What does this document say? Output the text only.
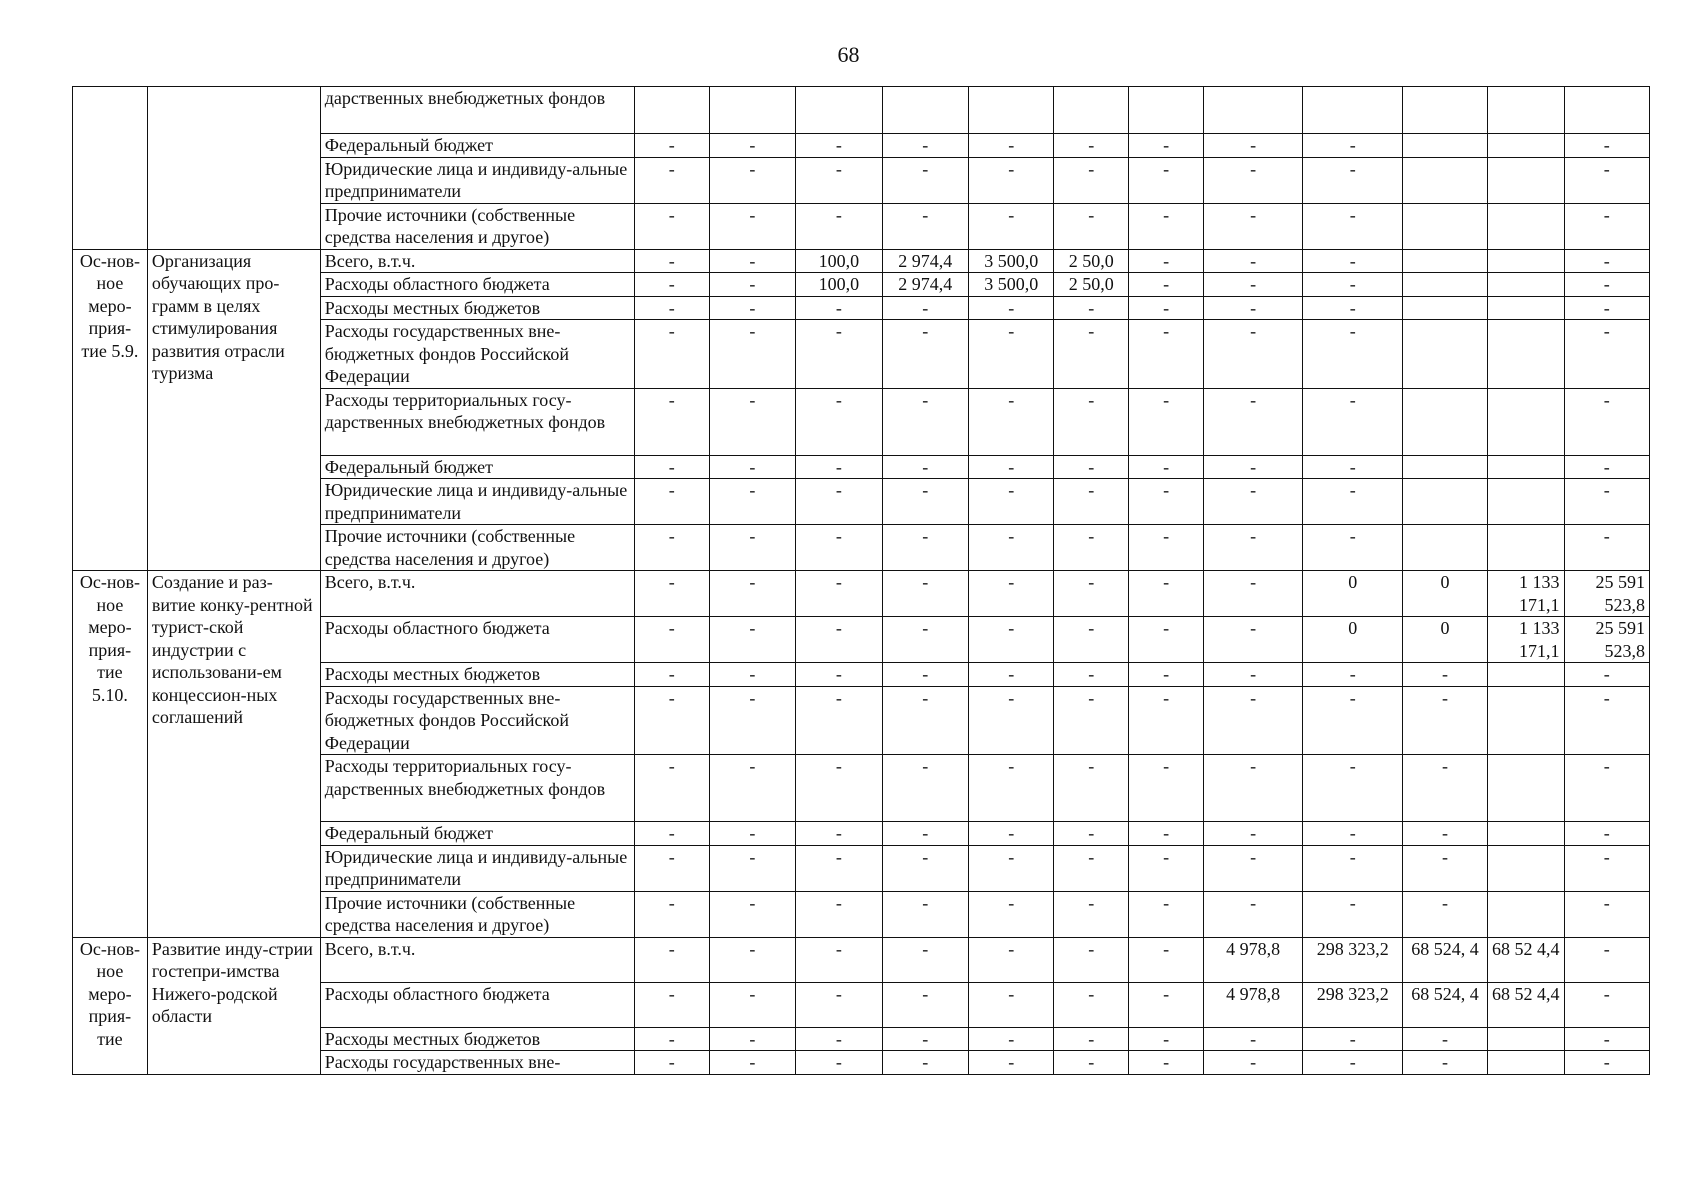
68
		дарственных внебюджетных фондов												
		Федеральный бюджет	-	-	-	-	-	-	-	-	-			-
		Юридические лица и индивиду-альные предприниматели	-	-	-	-	-	-	-	-	-			-
		Прочие источники (собственные средства населения и другое)	-	-	-	-	-	-	-	-	-			-
Ос-нов-ное меро-прия-тие 5.9.	Организация обучающих про-грамм в целях стимулирования развития отрасли туризма	Всего, в.т.ч.	-	-	100,0	2 974,4	3 500,0	2 50,0	-	-	-			-
		Расходы областного бюджета	-	-	100,0	2 974,4	3 500,0	2 50,0	-	-	-			-
		Расходы местных бюджетов	-	-	-	-	-	-	-	-	-			-
		Расходы государственных вне-бюджетных фондов Российской Федерации	-	-	-	-	-	-	-	-	-			-
		Расходы территориальных госу-дарственных внебюджетных фондов	-	-	-	-	-	-	-	-	-			-
		Федеральный бюджет	-	-	-	-	-	-	-	-	-			-
		Юридические лица и индивиду-альные предприниматели	-	-	-	-	-	-	-	-	-			-
		Прочие источники (собственные средства населения и другое)	-	-	-	-	-	-	-	-	-			-
Ос-нов-ное меро-прия-тие 5.10.	Создание и раз-витие конку-рентной турист-ской индустрии с использовани-ем концессион-ных соглашений	Всего, в.т.ч.	-	-	-	-	-	-	-	-	0	0	1 133 171,1	25 591 523,8
		Расходы областного бюджета	-	-	-	-	-	-	-	-	0	0	1 133 171,1	25 591 523,8
		Расходы местных бюджетов	-	-	-	-	-	-	-	-	-	-		-
		Расходы государственных вне-бюджетных фондов Российской Федерации	-	-	-	-	-	-	-	-	-	-		-
		Расходы территориальных госу-дарственных внебюджетных фондов	-	-	-	-	-	-	-	-	-	-		-
		Федеральный бюджет	-	-	-	-	-	-	-	-	-	-		-
		Юридические лица и индивиду-альные предприниматели	-	-	-	-	-	-	-	-	-	-		-
		Прочие источники (собственные средства населения и другое)	-	-	-	-	-	-	-	-	-	-		-
Ос-нов-ное меро-прия-тие	Развитие инду-стрии гостепри-имства Нижего-родской области	Всего, в.т.ч.	-	-	-	-	-	-	-	4 978,8	298 323,2	68 524, 4	68 52 4,4	-
		Расходы областного бюджета	-	-	-	-	-	-	-	4 978,8	298 323,2	68 524, 4	68 52 4,4	-
		Расходы местных бюджетов	-	-	-	-	-	-	-	-	-	-		-
		Расходы государственных вне-	-	-	-	-	-	-	-	-	-	-		-
